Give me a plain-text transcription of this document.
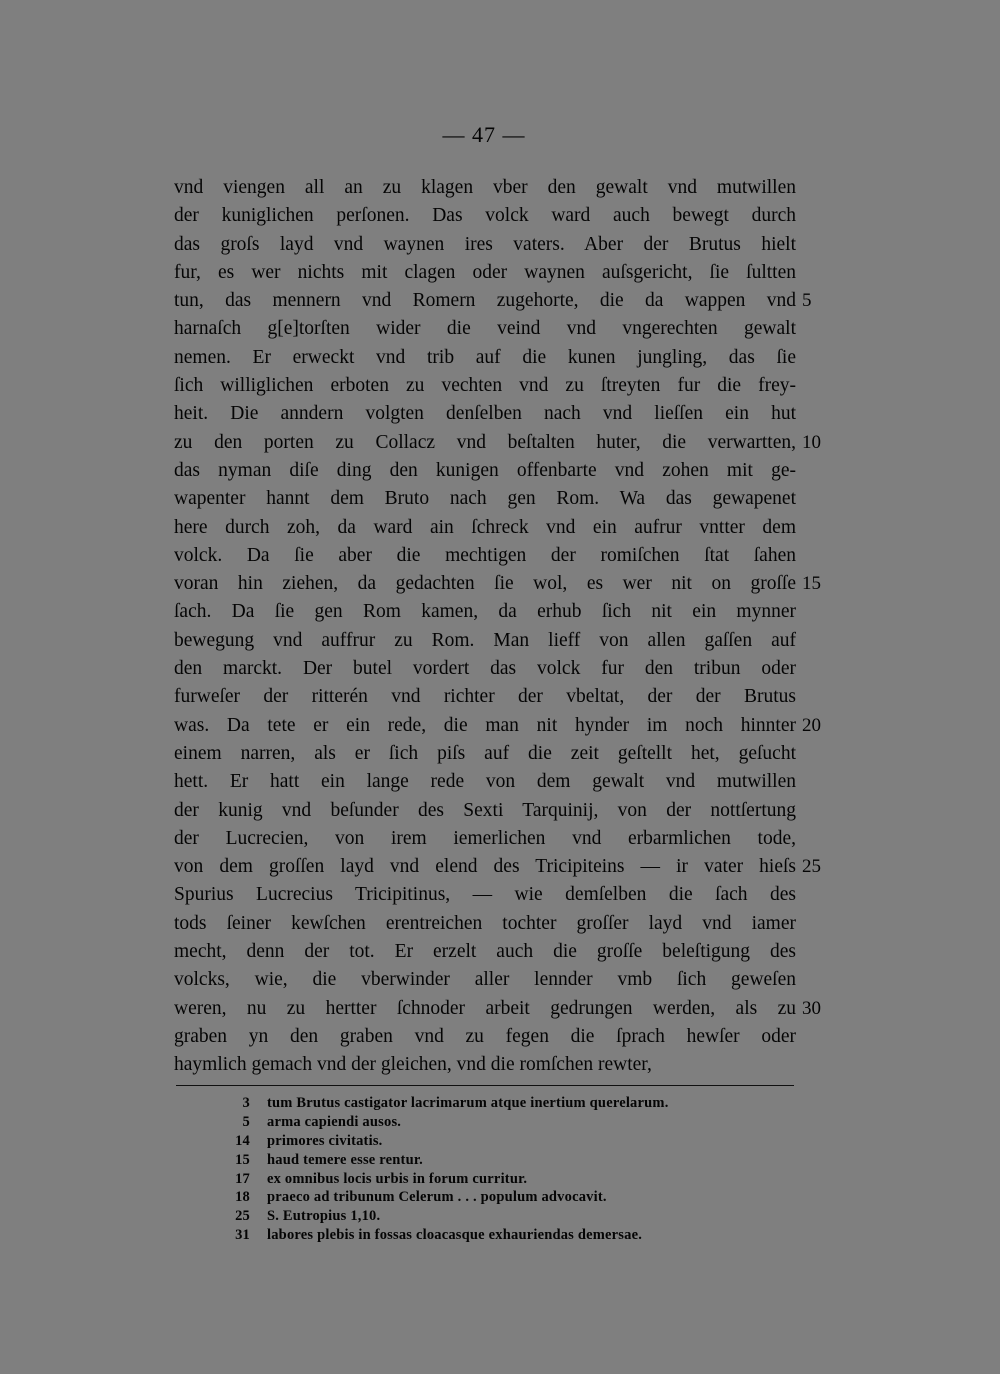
— 47 —
vnd viengen all an zu klagen vber den gewalt vnd mutwillen
der kuniglichen perſonen. Das volck ward auch bewegt durch
das groſs layd vnd waynen ires vaters. Aber der Brutus hielt
fur, es wer nichts mit clagen oder waynen auſsgericht, ſie ſultten
tun, das mennern vnd Romern zugehorte, die da wappen vnd 5
harnaſch g[e]torſten wider die veind vnd vngerechten gewalt
nemen. Er erweckt vnd trib auf die kunen jungling, das ſie
ſich williglichen erboten zu vechten vnd zu ſtreyten fur die frey-
heit. Die anndern volgten denſelben nach vnd lieſſen ein hut
zu den porten zu Collacz vnd beſtalten huter, die verwartten, 10
das nyman diſe ding den kunigen offenbarte vnd zohen mit ge-
wapenter hannt dem Bruto nach gen Rom. Wa das gewapenet
here durch zoh, da ward ain ſchreck vnd ein aufrur vntter dem
volck. Da ſie aber die mechtigen der romiſchen ſtat ſahen
voran hin ziehen, da gedachten ſie wol, es wer nit on groſſe 15
ſach. Da ſie gen Rom kamen, da erhub ſich nit ein mynner
bewegung vnd auffrur zu Rom. Man lieff von allen gaſſen auf
den marckt. Der butel vordert das volck fur den tribun oder
furweſer der ritterén vnd richter der vbeltat, der der Brutus
was. Da tete er ein rede, die man nit hynder im noch hinnter 20
einem narren, als er ſich piſs auf die zeit geſtellt het, geſucht
hett. Er hatt ein lange rede von dem gewalt vnd mutwillen
der kunig vnd beſunder des Sexti Tarquinij, von der nottſertung
der Lucrecien, von irem iemerlichen vnd erbarmlichen tode,
von dem groſſen layd vnd elend des Tricipiteins — ir vater hieſs 25
Spurius Lucrecius Tricipitinus, — wie demſelben die ſach des
tods ſeiner kewſchen erentreichen tochter groſſer layd vnd iamer
mecht, denn der tot. Er erzelt auch die groſſe beleſtigung des
volcks, wie, die vberwinder aller lennder vmb ſich geweſen
weren, nu zu hertter ſchnoder arbeit gedrungen werden, als zu 30
graben yn den graben vnd zu fegen die ſprach hewſer oder
haymlich gemach vnd der gleichen, vnd die romſchen rewter,
3 tum Brutus castigator lacrimarum atque inertium querelarum.
5 arma capiendi ausos.
14 primores civitatis.
15 haud temere esse rentur.
17 ex omnibus locis urbis in forum curritur.
18 praeco ad tribunum Celerum . . . populum advocavit.
25 S. Eutropius 1,10.
31 labores plebis in fossas cloacasque exhauriendas demersae.
